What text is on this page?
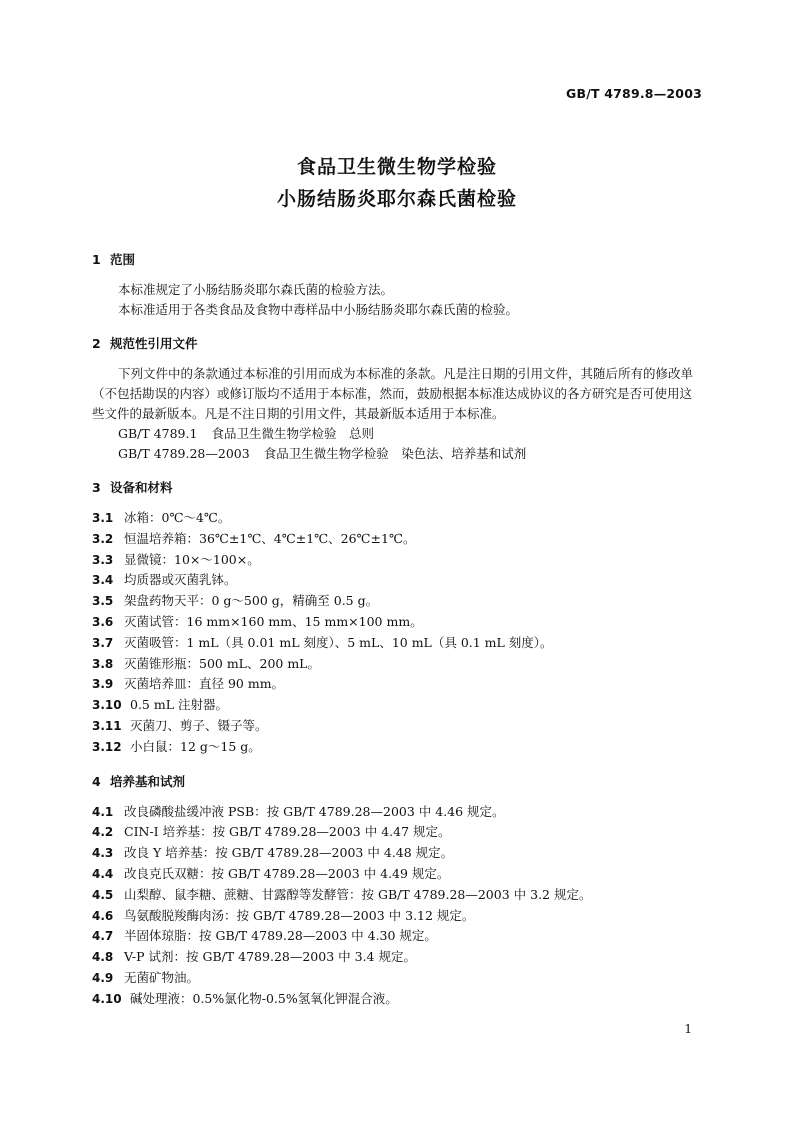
GB/T 4789.8—2003
食品卫生微生物学检验
小肠结肠炎耶尔森氏菌检验
1 范围

本标准规定了小肠结肠炎耶尔森氏菌的检验方法。

本标准适用于各类食品及食物中毒样品中小肠结肠炎耶尔森氏菌的检验。

2 规范性引用文件

下列文件中的条款通过本标准的引用而成为本标准的条款。凡是注日期的引用文件，其随后所有的修改单（不包括勘误的内容）或修订版均不适用于本标准，然而，鼓励根据本标准达成协议的各方研究是否可使用这些文件的最新版本。凡是不注日期的引用文件，其最新版本适用于本标准。

GB/T 4789.1 食品卫生微生物学检验　总则
GB/T 4789.28—2003 食品卫生微生物学检验　染色法、培养基和试剂
3 设备和材料
3.1 冰箱：0℃～4℃。
3.2 恒温培养箱：36℃±1℃、4℃±1℃、26℃±1℃。
3.3 显微镜：10×～100×。
3.4 均质器或灭菌乳钵。
3.5 架盘药物天平：0 g～500 g，精确至 0.5 g。
3.6 灭菌试管：16 mm×160 mm、15 mm×100 mm。
3.7 灭菌吸管：1 mL（具 0.01 mL 刻度）、5 mL、10 mL（具 0.1 mL 刻度）。
3.8 灭菌锥形瓶：500 mL、200 mL。
3.9 灭菌培养皿：直径 90 mm。
3.10 0.5 mL 注射器。
3.11 灭菌刀、剪子、镊子等。
3.12 小白鼠：12 g～15 g。
4 培养基和试剂
4.1 改良磷酸盐缓冲液 PSB：按 GB/T 4789.28—2003 中 4.46 规定。
4.2 CIN-I 培养基：按 GB/T 4789.28—2003 中 4.47 规定。
4.3 改良 Y 培养基：按 GB/T 4789.28—2003 中 4.48 规定。
4.4 改良克氏双糖：按 GB/T 4789.28—2003 中 4.49 规定。
4.5 山梨醇、鼠李糖、蔗糖、甘露醇等发酵管：按 GB/T 4789.28—2003 中 3.2 规定。
4.6 鸟氨酸脱羧酶肉汤：按 GB/T 4789.28—2003 中 3.12 规定。
4.7 半固体琼脂：按 GB/T 4789.28—2003 中 4.30 规定。
4.8 V-P 试剂：按 GB/T 4789.28—2003 中 3.4 规定。
4.9 无菌矿物油。
4.10 碱处理液：0.5%氯化物-0.5%氢氧化钾混合液。
1
